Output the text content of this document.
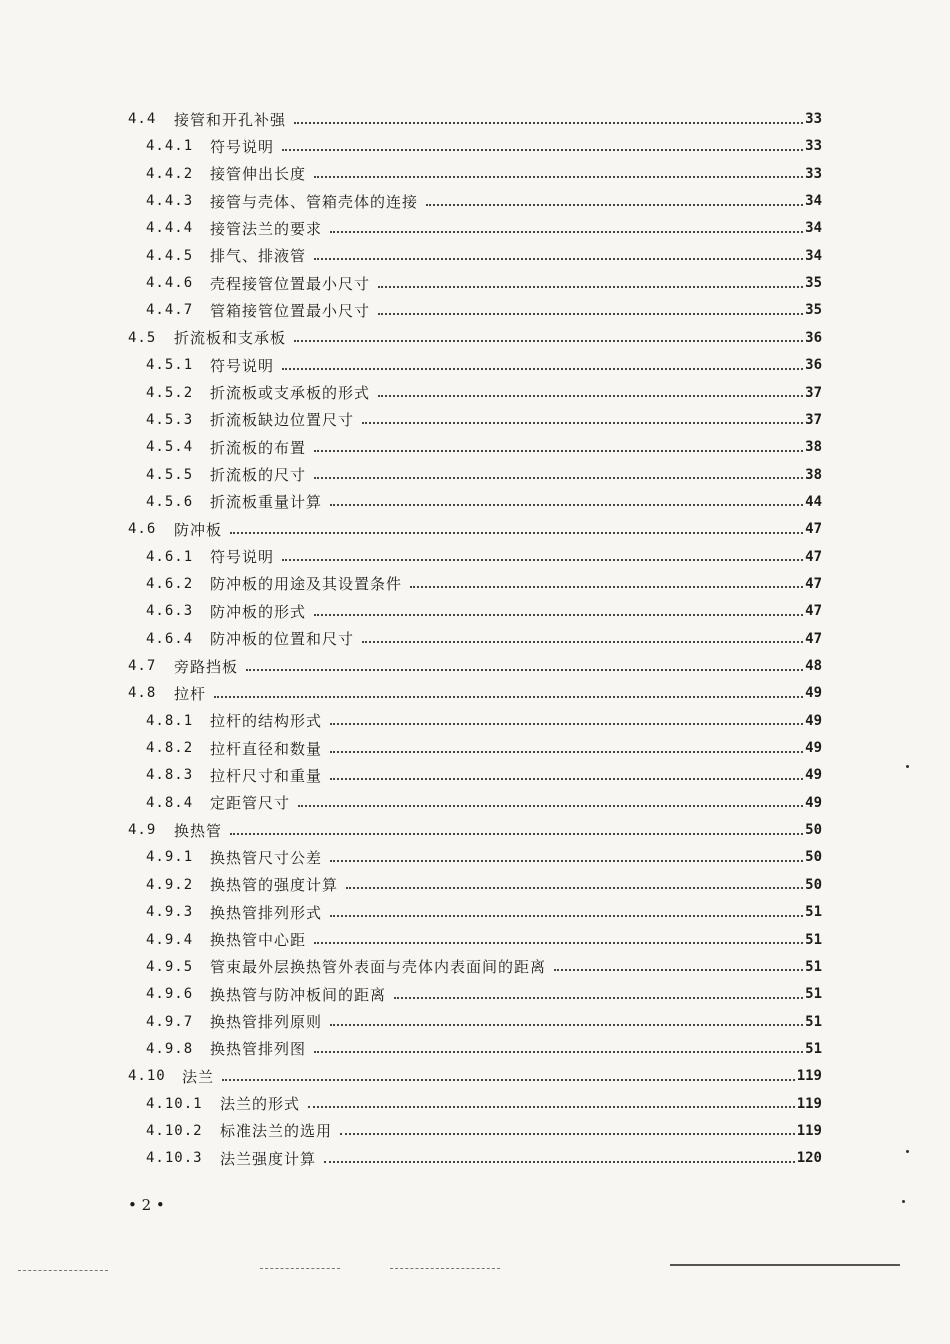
4.4	接管和开孔补强	33
4.4.1	符号说明	33
4.4.2	接管伸出长度	33
4.4.3	接管与壳体、管箱壳体的连接	34
4.4.4	接管法兰的要求	34
4.4.5	排气、排液管	34
4.4.6	壳程接管位置最小尺寸	35
4.4.7	管箱接管位置最小尺寸	35
4.5	折流板和支承板	36
4.5.1	符号说明	36
4.5.2	折流板或支承板的形式	37
4.5.3	折流板缺边位置尺寸	37
4.5.4	折流板的布置	38
4.5.5	折流板的尺寸	38
4.5.6	折流板重量计算	44
4.6	防冲板	47
4.6.1	符号说明	47
4.6.2	防冲板的用途及其设置条件	47
4.6.3	防冲板的形式	47
4.6.4	防冲板的位置和尺寸	47
4.7	旁路挡板	48
4.8	拉杆	49
4.8.1	拉杆的结构形式	49
4.8.2	拉杆直径和数量	49
4.8.3	拉杆尺寸和重量	49
4.8.4	定距管尺寸	49
4.9	换热管	50
4.9.1	换热管尺寸公差	50
4.9.2	换热管的强度计算	50
4.9.3	换热管排列形式	51
4.9.4	换热管中心距	51
4.9.5	管束最外层换热管外表面与壳体内表面间的距离	51
4.9.6	换热管与防冲板间的距离	51
4.9.7	换热管排列原则	51
4.9.8	换热管排列图	51
4.10	法兰	119
4.10.1	法兰的形式	119
4.10.2	标准法兰的选用	119
4.10.3	法兰强度计算	120
• 2 •
